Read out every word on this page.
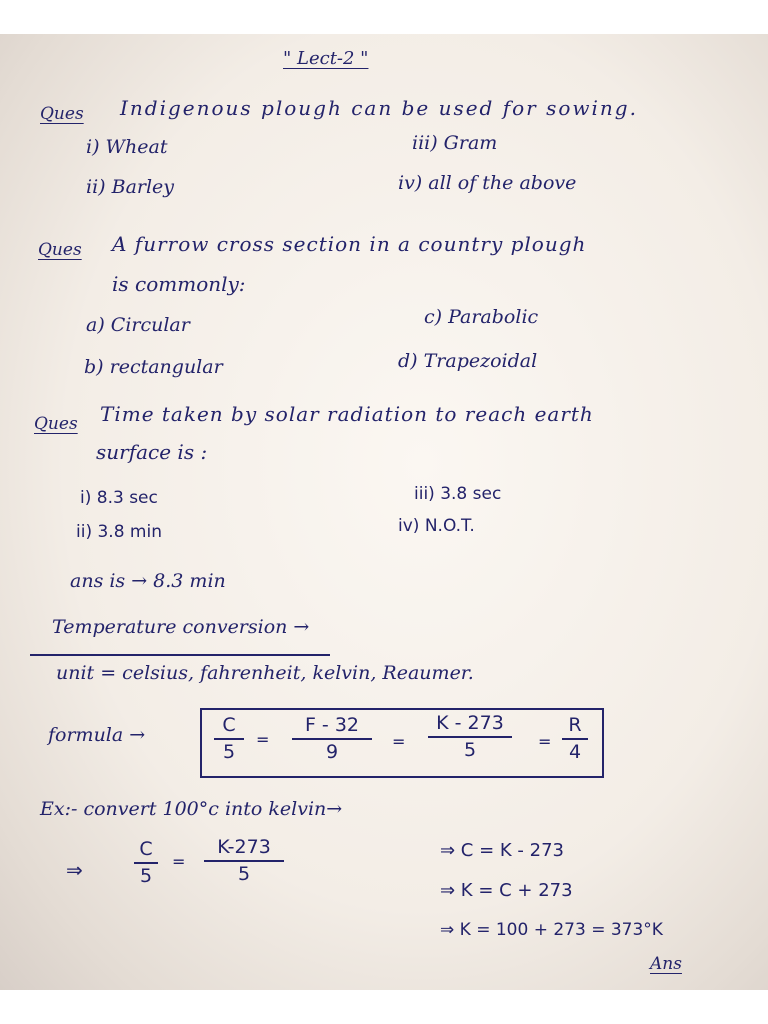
" Lect-2 "
Ques Indigenous plough can be used for sowing.
i) Wheat	iii) Gram
ii) Barley	iv) all of the above
Ques A furrow cross section in a country plough
is commonly:
a) Circular	c) Parabolic
b) rectangular	d) Trapezoidal
Ques Time taken by solar radiation to reach earth
surface is :
i) 8.3 sec	iii) 3.8 sec
ii) 3.8 min	iv) N.O.T.
ans is → 8.3 min
Temperature conversion →
unit = celsius, fahrenheit, kelvin, Reaumer.
formula →	C
5
=
F - 32
9	=
K - 273
5	=
R
4
Ex:- convert 100°c into kelvin→
⇒
C
5
=
K-273
5
⇒ C = K - 273
⇒ K = C + 273
⇒ K = 100 + 273 = 373°K
Ans
